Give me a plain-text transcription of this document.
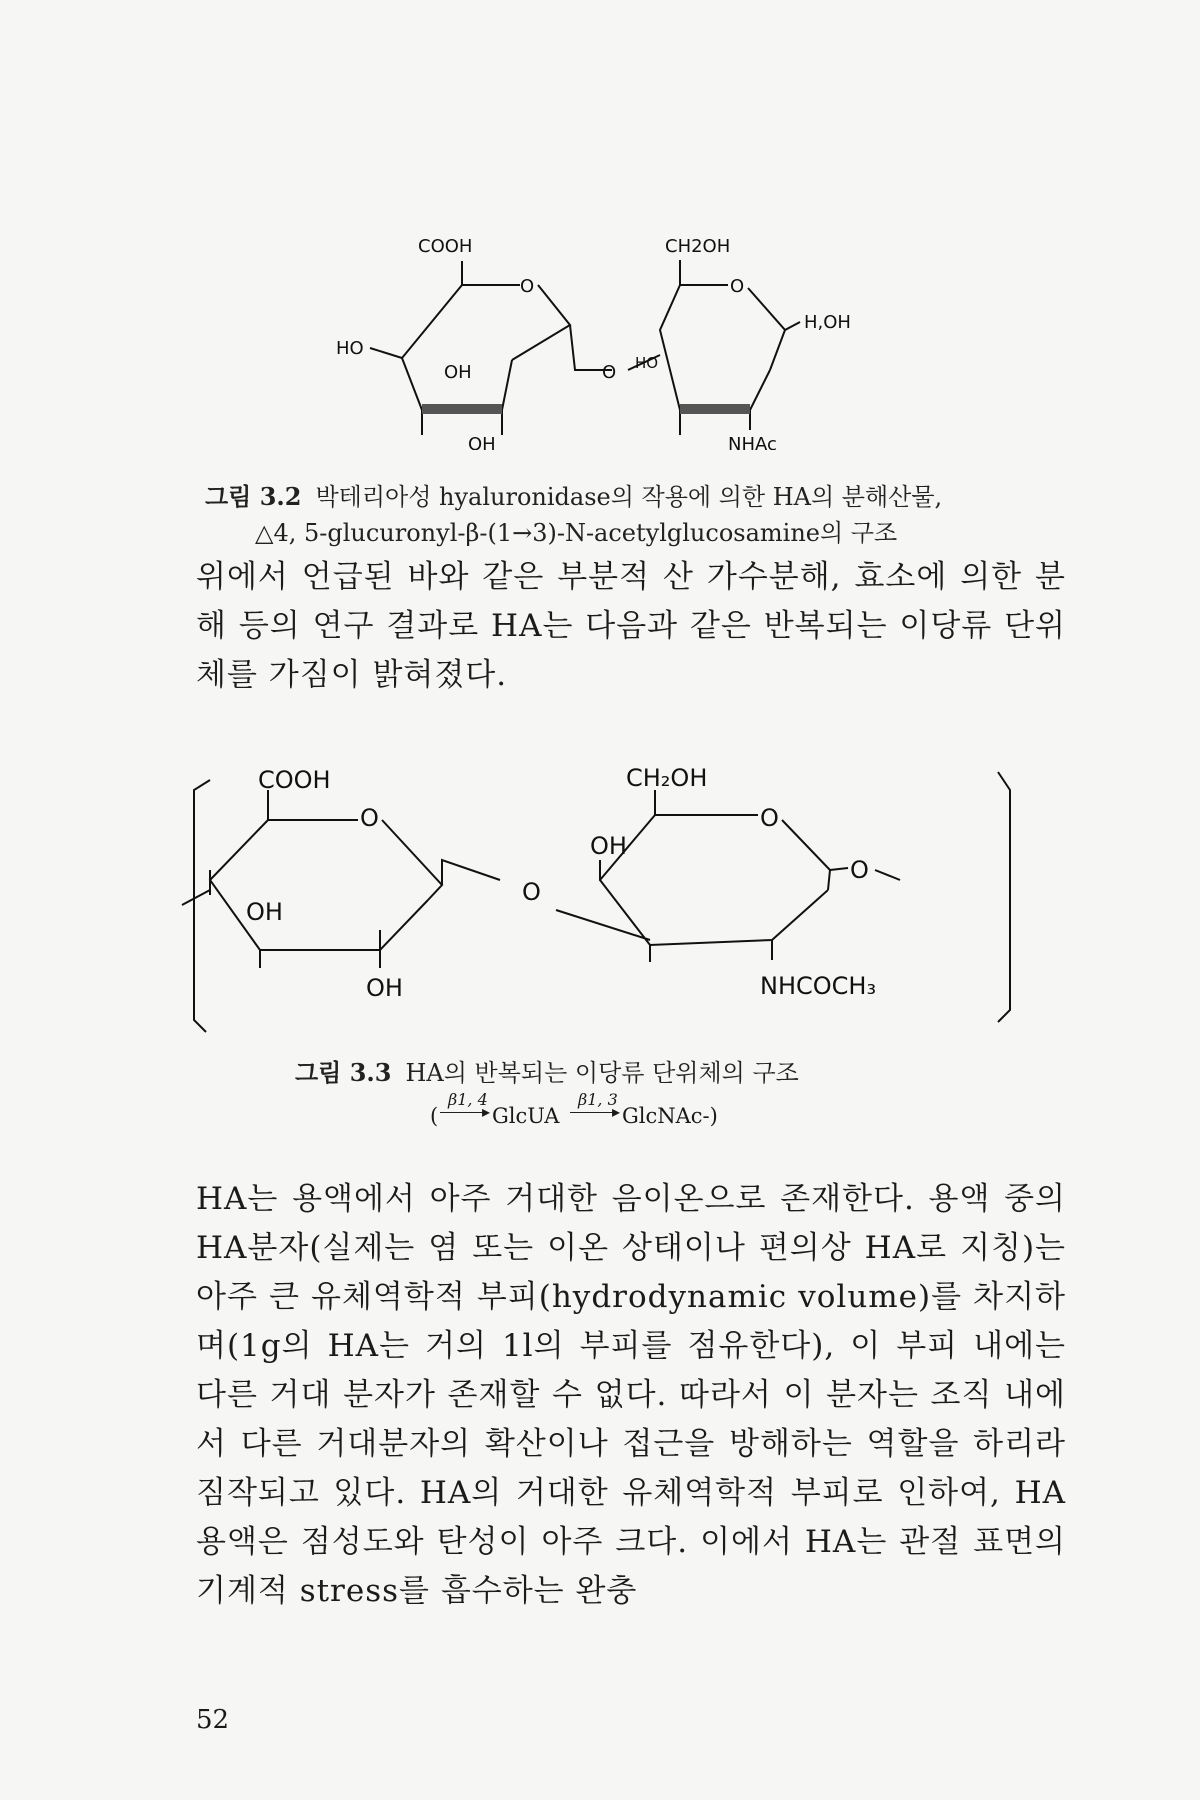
COOH
O
HO
OH
OH
O
CH2OH
O
HO
H,OH
NHAc
그림 3.2 박테리아성 hyaluronidase의 작용에 의한 HA의 분해산물,
△4, 5-glucuronyl-β-(1→3)-N-acetylglucosamine의 구조

위에서 언급된 바와 같은 부분적 산 가수분해, 효소에 의한 분해 등의 연구 결과로 HA는 다음과 같은 반복되는 이당류 단위체를 가짐이 밝혀졌다.

COOH
O
OH
OH
O
CH₂OH
O
OH
O
NHCOCH₃
그림 3.3 HA의 반복되는 이당류 단위체의 구조
(
β1, 4
▸ GlcUA
β1, 3
▸ GlcNAc-)

HA는 용액에서 아주 거대한 음이온으로 존재한다. 용액 중의 HA분자(실제는 염 또는 이온 상태이나 편의상 HA로 지칭)는 아주 큰 유체역학적 부피(hydrodynamic volume)를 차지하며(1g의 HA는 거의 1l의 부피를 점유한다), 이 부피 내에는 다른 거대 분자가 존재할 수 없다. 따라서 이 분자는 조직 내에서 다른 거대분자의 확산이나 접근을 방해하는 역할을 하리라 짐작되고 있다. HA의 거대한 유체역학적 부피로 인하여, HA용액은 점성도와 탄성이 아주 크다. 이에서 HA는 관절 표면의 기계적 stress를 흡수하는 완충

52
